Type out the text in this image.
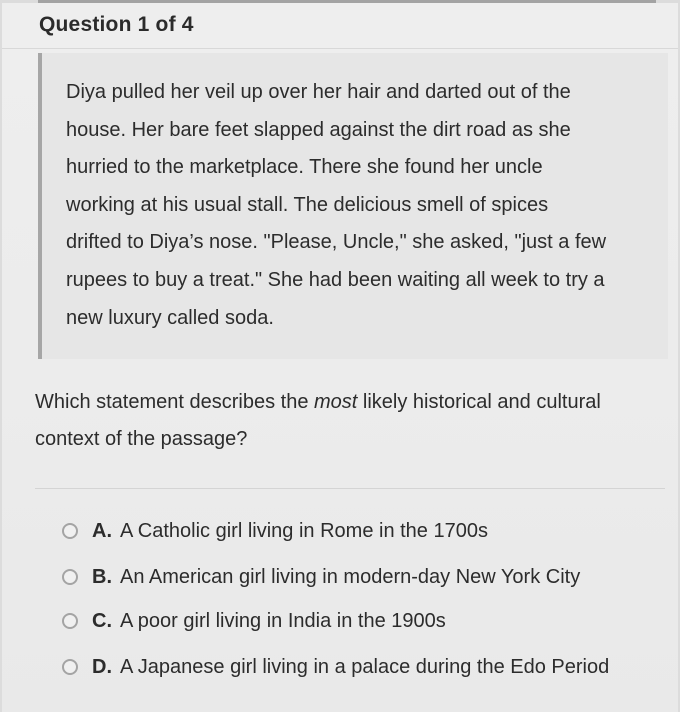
Question 1 of 4
Diya pulled her veil up over her hair and darted out of the
house. Her bare feet slapped against the dirt road as she
hurried to the marketplace. There she found her uncle
working at his usual stall. The delicious smell of spices
drifted to Diya’s nose. "Please, Uncle," she asked, "just a few
rupees to buy a treat." She had been waiting all week to try a
new luxury called soda.
Which statement describes the most likely historical and cultural
context of the passage?
A. A Catholic girl living in Rome in the 1700s
B. An American girl living in modern-day New York City
C. A poor girl living in India in the 1900s
D. A Japanese girl living in a palace during the Edo Period
